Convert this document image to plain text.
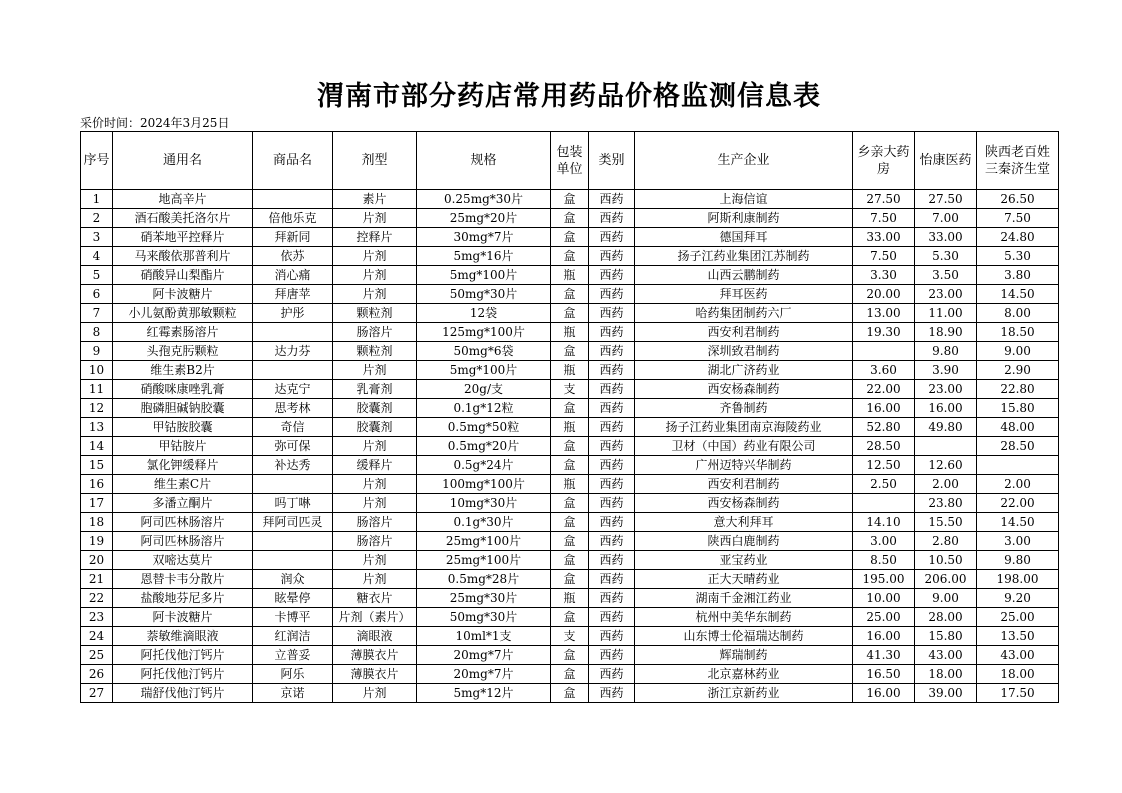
渭南市部分药店常用药品价格监测信息表
采价时间：2024年3月25日
序号	通用名	商品名	剂型	规格	包装单位	类别	生产企业	乡亲大药房	怡康医药	陕西老百姓三秦济生堂

1	地高辛片		素片	0.25mg*30片	盒	西药	上海信谊	27.50	27.50	26.50
2	酒石酸美托洛尔片	倍他乐克	片剂	25mg*20片	盒	西药	阿斯利康制药	7.50	7.00	7.50
3	硝苯地平控释片	拜新同	控释片	30mg*7片	盒	西药	德国拜耳	33.00	33.00	24.80
4	马来酸依那普利片	依苏	片剂	5mg*16片	盒	西药	扬子江药业集团江苏制药	7.50	5.30	5.30
5	硝酸异山梨酯片	消心痛	片剂	5mg*100片	瓶	西药	山西云鹏制药	3.30	3.50	3.80
6	阿卡波糖片	拜唐苹	片剂	50mg*30片	盒	西药	拜耳医药	20.00	23.00	14.50
7	小儿氨酚黄那敏颗粒	护彤	颗粒剂	12袋	盒	西药	哈药集团制药六厂	13.00	11.00	8.00
8	红霉素肠溶片		肠溶片	125mg*100片	瓶	西药	西安利君制药	19.30	18.90	18.50
9	头孢克肟颗粒	达力芬	颗粒剂	50mg*6袋	盒	西药	深圳致君制药		9.80	9.00
10	维生素B2片		片剂	5mg*100片	瓶	西药	湖北广济药业	3.60	3.90	2.90
11	硝酸咪康唑乳膏	达克宁	乳膏剂	20g/支	支	西药	西安杨森制药	22.00	23.00	22.80
12	胞磷胆碱钠胶囊	思考林	胶囊剂	0.1g*12粒	盒	西药	齐鲁制药	16.00	16.00	15.80
13	甲钴胺胶囊	奇信	胶囊剂	0.5mg*50粒	瓶	西药	扬子江药业集团南京海陵药业	52.80	49.80	48.00
14	甲钴胺片	弥可保	片剂	0.5mg*20片	盒	西药	卫材（中国）药业有限公司	28.50		28.50
15	氯化钾缓释片	补达秀	缓释片	0.5g*24片	盒	西药	广州迈特兴华制药	12.50	12.60	
16	维生素C片		片剂	100mg*100片	瓶	西药	西安利君制药	2.50	2.00	2.00
17	多潘立酮片	吗丁啉	片剂	10mg*30片	盒	西药	西安杨森制药		23.80	22.00
18	阿司匹林肠溶片	拜阿司匹灵	肠溶片	0.1g*30片	盒	西药	意大利拜耳	14.10	15.50	14.50
19	阿司匹林肠溶片		肠溶片	25mg*100片	盒	西药	陕西白鹿制药	3.00	2.80	3.00
20	双嘧达莫片		片剂	25mg*100片	盒	西药	亚宝药业	8.50	10.50	9.80
21	恩替卡韦分散片	润众	片剂	0.5mg*28片	盒	西药	正大天晴药业	195.00	206.00	198.00
22	盐酸地芬尼多片	眩晕停	糖衣片	25mg*30片	瓶	西药	湖南千金湘江药业	10.00	9.00	9.20
23	阿卡波糖片	卡博平	片剂（素片）	50mg*30片	盒	西药	杭州中美华东制药	25.00	28.00	25.00
24	萘敏维滴眼液	红润洁	滴眼液	10ml*1支	支	西药	山东博士伦福瑞达制药	16.00	15.80	13.50
25	阿托伐他汀钙片	立普妥	薄膜衣片	20mg*7片	盒	西药	辉瑞制药	41.30	43.00	43.00
26	阿托伐他汀钙片	阿乐	薄膜衣片	20mg*7片	盒	西药	北京嘉林药业	16.50	18.00	18.00
27	瑞舒伐他汀钙片	京诺	片剂	5mg*12片	盒	西药	浙江京新药业	16.00	39.00	17.50
